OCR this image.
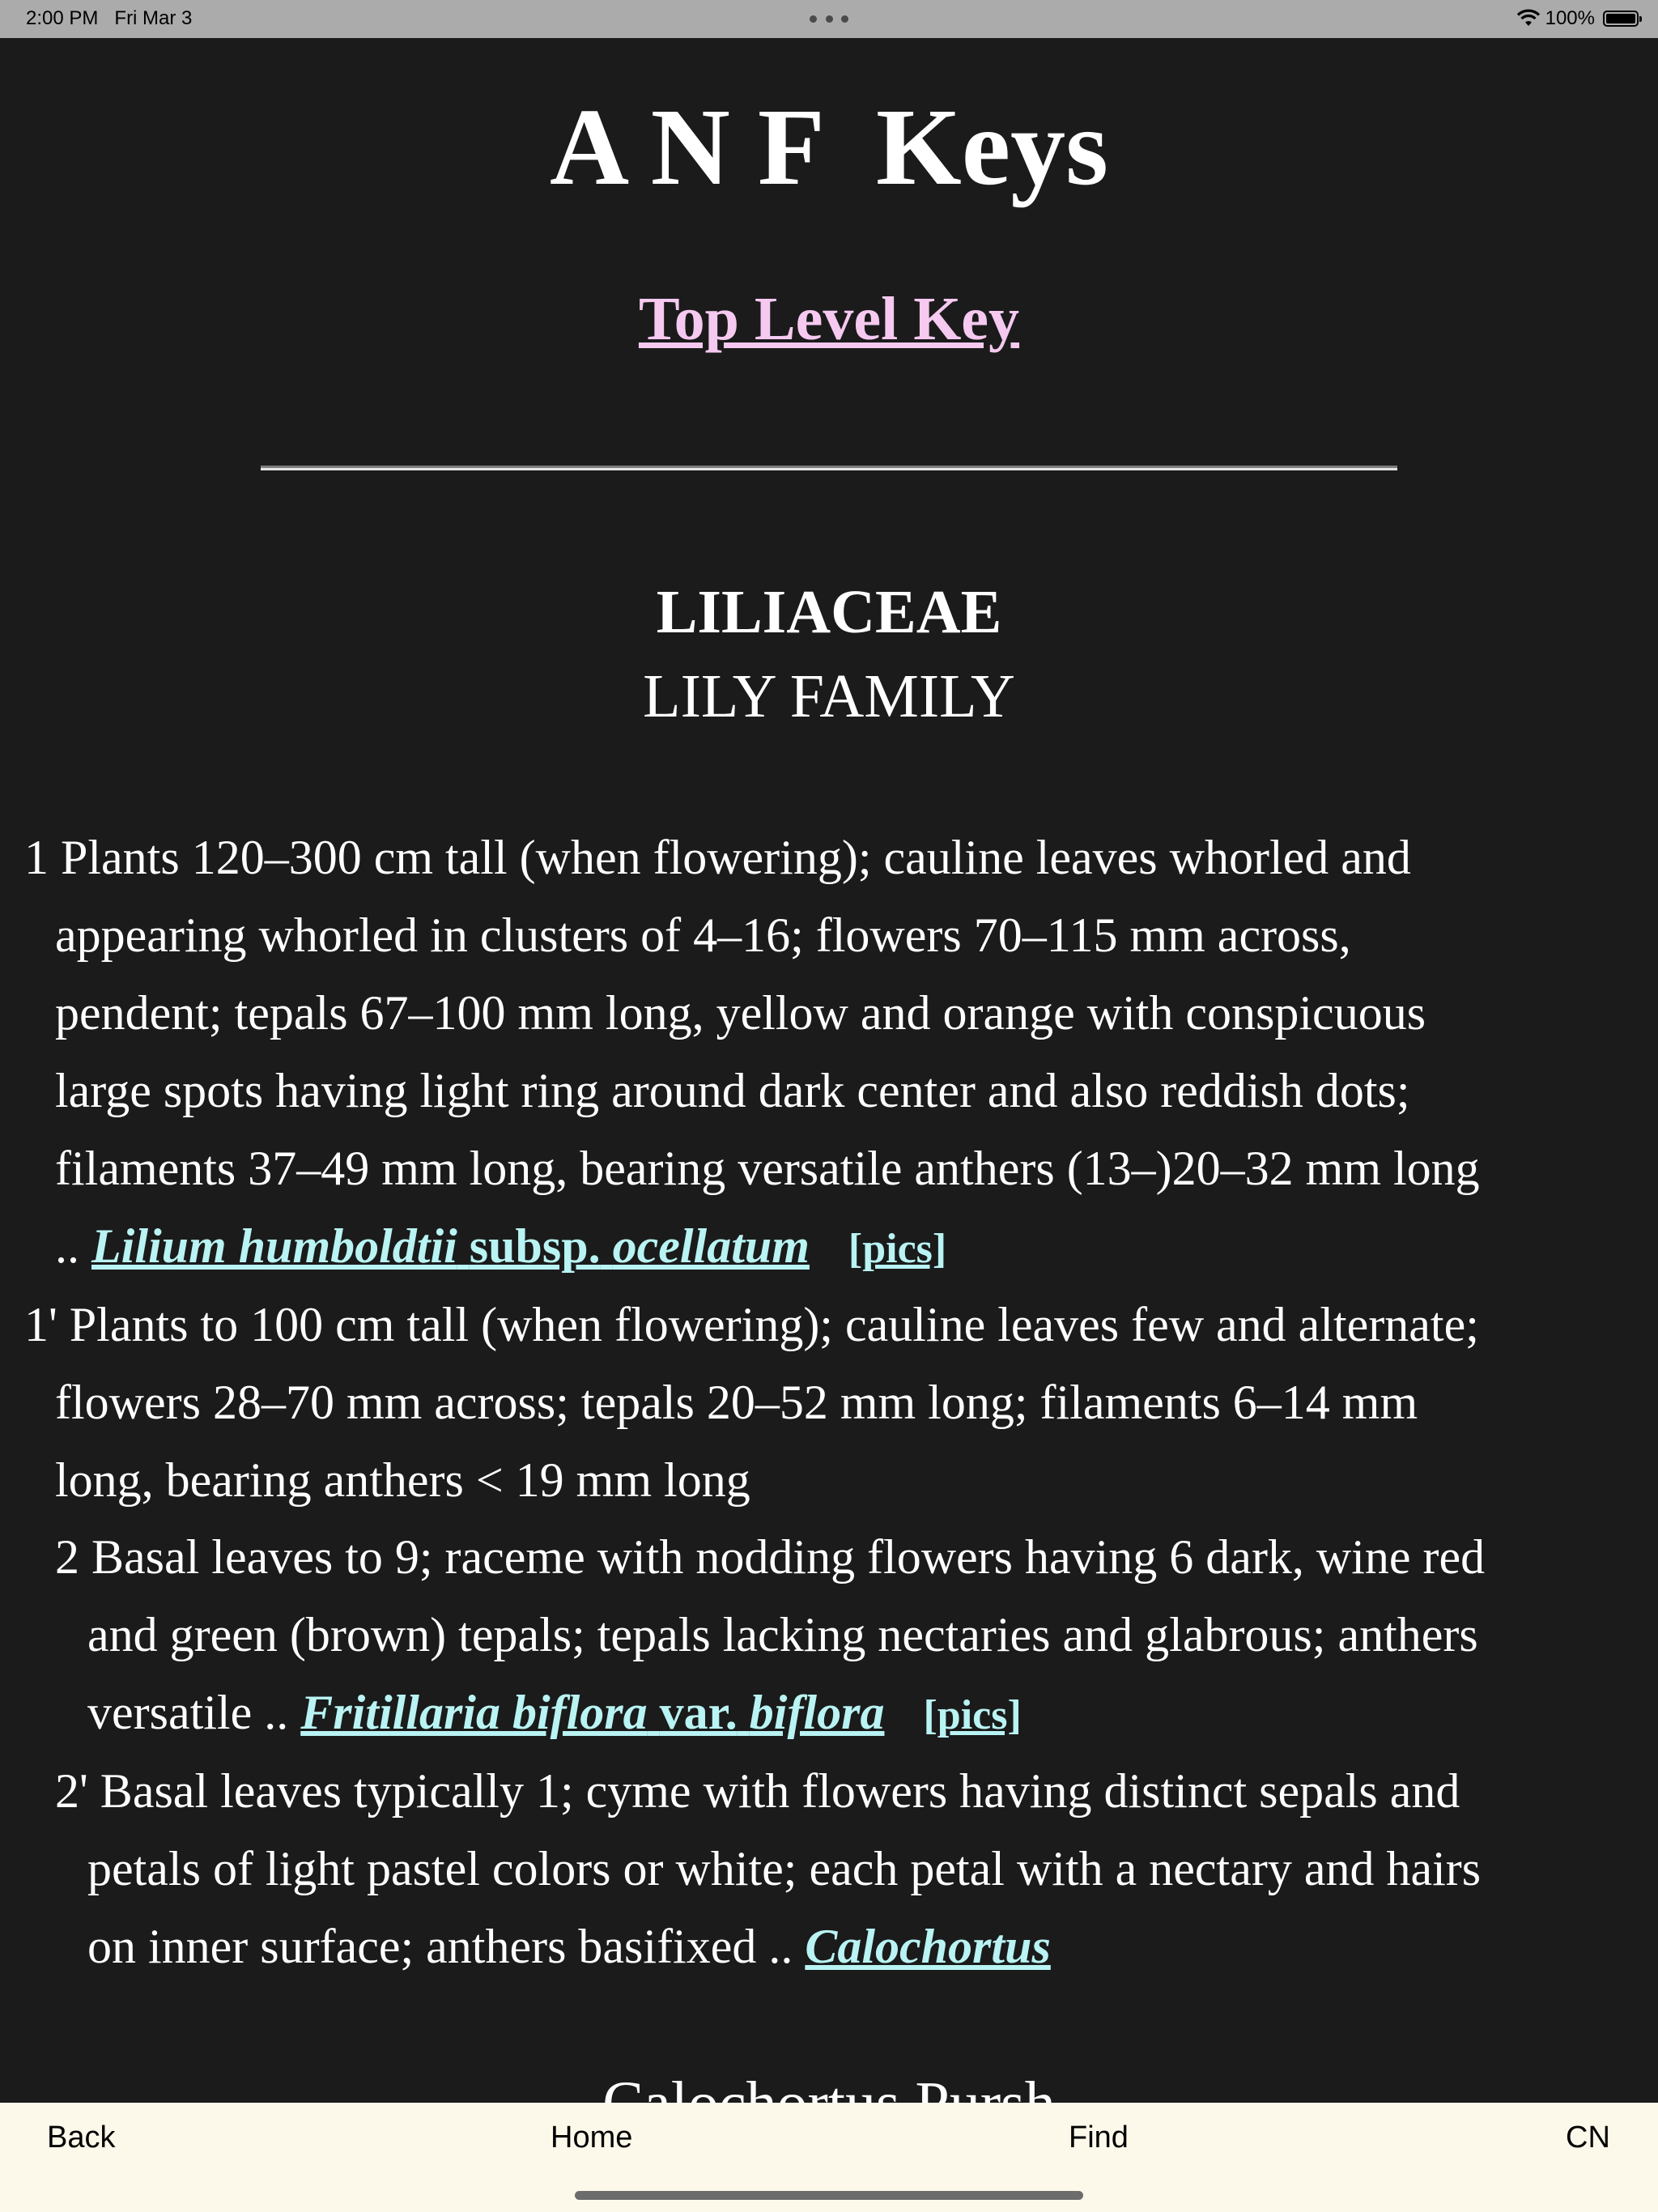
2:00 PM Fri Mar 3	100%
A N F  Keys
Top Level Key
LILIACEAE
LILY FAMILY
1 Plants 120–300 cm tall (when flowering); cauline leaves whorled and
appearing whorled in clusters of 4–16; flowers 70–115 mm across,
pendent; tepals 67–100 mm long, yellow and orange with conspicuous
large spots having light ring around dark center and also reddish dots;
filaments 37–49 mm long, bearing versatile anthers (13–)20–32 mm long
.. Lilium humboldtii subsp. ocellatum [pics]
1' Plants to 100 cm tall (when flowering); cauline leaves few and alternate;
flowers 28–70 mm across; tepals 20–52 mm long; filaments 6–14 mm
long, bearing anthers < 19 mm long
2 Basal leaves to 9; raceme with nodding flowers having 6 dark, wine red
and green (brown) tepals; tepals lacking nectaries and glabrous; anthers
versatile .. Fritillaria biflora var. biflora [pics]
2' Basal leaves typically 1; cyme with flowers having distinct sepals and
petals of light pastel colors or white; each petal with a nectary and hairs
on inner surface; anthers basifixed .. Calochortus
Back	Home	Find	CN
